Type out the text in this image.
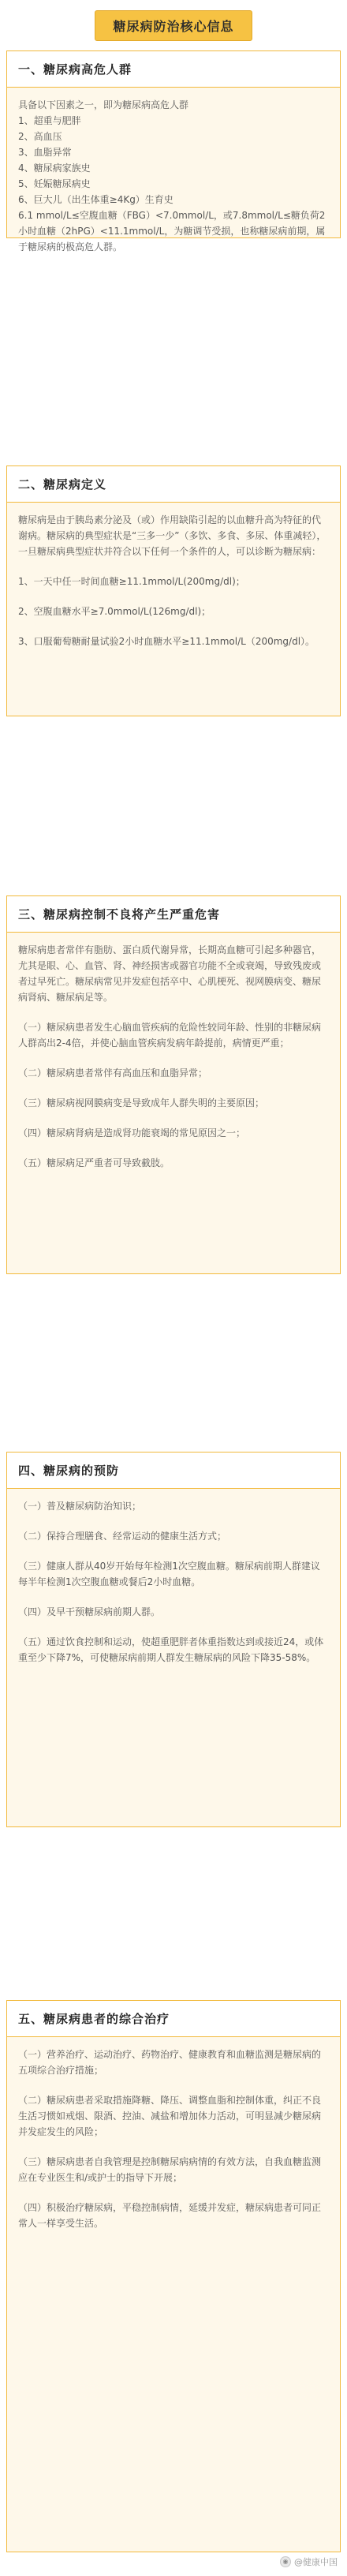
糖尿病防治核心信息
一、糖尿病高危人群
具备以下因素之一，即为糖尿病高危人群
1、超重与肥胖
2、高血压
3、血脂异常
4、糖尿病家族史
5、妊娠糖尿病史
6、巨大儿（出生体重≥4Kg）生育史
6.1 mmol/L≤空腹血糖（FBG）<7.0mmol/L，或7.8mmol/L≤糖负荷2小时血糖（2hPG）<11.1mmol/L，为糖调节受损，也称糖尿病前期，属于糖尿病的极高危人群。
二、糖尿病定义
糖尿病是由于胰岛素分泌及（或）作用缺陷引起的以血糖升高为特征的代谢病。糖尿病的典型症状是“三多一少”（多饮、多食、多尿、体重减轻），一旦糖尿病典型症状并符合以下任何一个条件的人，可以诊断为糖尿病：
1、一天中任一时间血糖≥11.1mmol/L(200mg/dl)；
2、空腹血糖水平≥7.0mmol/L(126mg/dl)；
3、口服葡萄糖耐量试验2小时血糖水平≥11.1mmol/L（200mg/dl）。
三、糖尿病控制不良将产生严重危害
糖尿病患者常伴有脂肪、蛋白质代谢异常，长期高血糖可引起多种器官，尤其是眼、心、血管、肾、神经损害或器官功能不全或衰竭，导致残废或者过早死亡。糖尿病常见并发症包括卒中、心肌梗死、视网膜病变、糖尿病肾病、糖尿病足等。
（一）糖尿病患者发生心脑血管疾病的危险性较同年龄、性别的非糖尿病人群高出2-4倍，并使心脑血管疾病发病年龄提前，病情更严重；
（二）糖尿病患者常伴有高血压和血脂异常；
（三）糖尿病视网膜病变是导致成年人群失明的主要原因；
（四）糖尿病肾病是造成肾功能衰竭的常见原因之一；
（五）糖尿病足严重者可导致截肢。
四、糖尿病的预防
（一）普及糖尿病防治知识；
（二）保持合理膳食、经常运动的健康生活方式；
（三）健康人群从40岁开始每年检测1次空腹血糖。糖尿病前期人群建议每半年检测1次空腹血糖或餐后2小时血糖。
（四）及早干预糖尿病前期人群。
（五）通过饮食控制和运动，使超重肥胖者体重指数达到或接近24，或体重至少下降7%，可使糖尿病前期人群发生糖尿病的风险下降35-58%。
五、糖尿病患者的综合治疗
（一）营养治疗、运动治疗、药物治疗、健康教育和血糖监测是糖尿病的五项综合治疗措施；
（二）糖尿病患者采取措施降糖、降压、调整血脂和控制体重，纠正不良生活习惯如戒烟、限酒、控油、减盐和增加体力活动，可明显减少糖尿病并发症发生的风险；
（三）糖尿病患者自我管理是控制糖尿病病情的有效方法，自我血糖监测应在专业医生和/或护士的指导下开展；
（四）积极治疗糖尿病，平稳控制病情，延缓并发症，糖尿病患者可同正常人一样享受生活。
◉ @健康中国
